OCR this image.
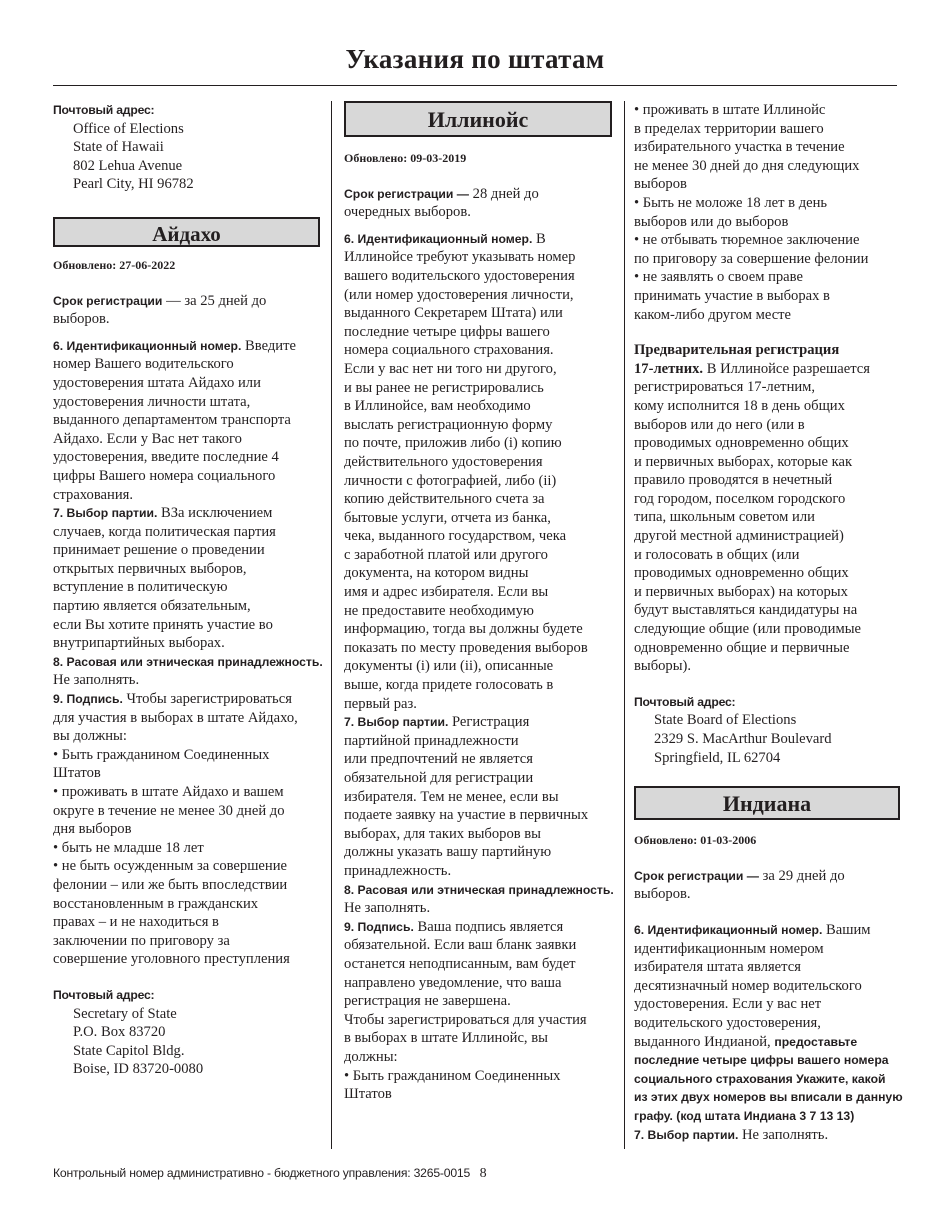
Указания по штатам
Почтовый адрес:
Office of Elections
State of Hawaii
802 Lehua Avenue
Pearl City, HI 96782
Айдахо
Обновлено: 27-06-2022
Срок регистрации — за 25 дней до
выборов.
6. Идентификационный номер. Введите
номер Вашего водительского
удостоверения штата Айдахо или
удостоверения личности штата,
выданного департаментом транспорта
Айдахо. Если у Вас нет такого
удостоверения, введите последние 4
цифры Вашего номера социального
страхования.
7. Выбор партии. ВЗа исключением
случаев, когда политическая партия
принимает решение о проведении
открытых первичных выборов,
вступление в политическую
партию является обязательным,
если Вы хотите принять участие во
внутрипартийных выборах.
8. Расовая или этническая принадлежность.
Не заполнять.
9. Подпись. Чтобы зарегистрироваться
для участия в выборах в штате Айдахо,
вы должны:
• Быть гражданином Соединенных
Штатов
• проживать в штате Айдахо и вашем
округе в течение не менее 30 дней до
дня выборов
• быть не младше 18 лет
• не быть осужденным за совершение
фелонии – или же быть впоследствии
восстановленным в гражданских
правах – и не находиться в
заключении по приговору за
совершение уголовного преступления
Почтовый адрес:
Secretary of State
P.O. Box 83720
State Capitol Bldg.
Boise, ID 83720-0080
Иллинойс
Обновлено: 09-03-2019
Срок регистрации — 28 дней до
очередных выборов.
6. Идентификационный номер. В
Иллинойсе требуют указывать номер
вашего водительского удостоверения
(или номер удостоверения личности,
выданного Секретарем Штата) или
последние четыре цифры вашего
номера социального страхования.
Если у вас нет ни того ни другого,
и вы ранее не регистрировались
в Иллинойсе, вам необходимо
выслать регистрационную форму
по почте, приложив либо (i) копию
действительного удостоверения
личности с фотографией, либо (ii)
копию действительного счета за
бытовые услуги, отчета из банка,
чека, выданного государством, чека
с заработной платой или другого
документа, на котором видны
имя и адрес избирателя. Если вы
не предоставите необходимую
информацию, тогда вы должны будете
показать по месту проведения выборов
документы (i) или (ii), описанные
выше, когда придете голосовать в
первый раз.
7. Выбор партии. Регистрация
партийной принадлежности
или предпочтений не является
обязательной для регистрации
избирателя. Тем не менее, если вы
подаете заявку на участие в первичных
выборах, для таких выборов вы
должны указать вашу партийную
принадлежность.
8. Расовая или этническая принадлежность.
Не заполнять.
9. Подпись. Ваша подпись является
обязательной. Если ваш бланк заявки
останется неподписанным, вам будет
направлено уведомление, что ваша
регистрация не завершена.
Чтобы зарегистрироваться для участия
в выборах в штате Иллинойс, вы
должны:
• Быть гражданином Соединенных
Штатов
• проживать в штате Иллинойс
в пределах территории вашего
избирательного участка в течение
не менее 30 дней до дня следующих
выборов
• Быть не моложе 18 лет в день
выборов или до выборов
• не отбывать тюремное заключение
по приговору за совершение фелонии
• не заявлять о своем праве
принимать участие в выборах в
каком-либо другом месте
Предварительная регистрация
17-летних. В Иллинойсе разрешается
регистрироваться 17-летним,
кому исполнится 18 в день общих
выборов или до него (или в
проводимых одновременно общих
и первичных выборах, которые как
правило проводятся в нечетный
год городом, поселком городского
типа, школьным советом или
другой местной администрацией)
и голосовать в общих (или
проводимых одновременно общих
и первичных выборах) на которых
будут выставляться кандидатуры на
следующие общие (или проводимые
одновременно общие и первичные
выборы).
Почтовый адрес:
State Board of Elections
2329 S. MacArthur Boulevard
Springfield, IL 62704
Индиана
Обновлено: 01-03-2006
Срок регистрации — за 29 дней до
выборов.
6. Идентификационный номер. Вашим
идентификационным номером
избирателя штата является
десятизначный номер водительского
удостоверения. Если у вас нет
водительского удостоверения,
выданного Индианой, предоставьте
последние четыре цифры вашего номера
социального страхования Укажите, какой
из этих двух номеров вы вписали в данную
графу. (код штата Индиана 3 7 13 13)
7. Выбор партии. Не заполнять.
Контрольный номер административно - бюджетного управления: 3265-0015 8
